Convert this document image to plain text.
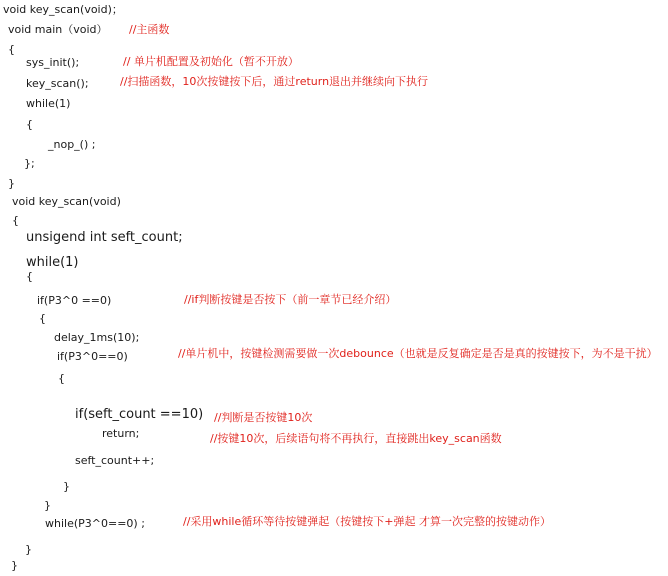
void key_scan(void)；
void main（void） //主函数
{
sys_init();	// 单片机配置及初始化（暂不开放）
key_scan();	//扫描函数，10次按键按下后，通过return退出并继续向下执行
while(1)
{
_nop_() ;
};
}
void key_scan(void)
{
unsigend int seft_count;
while(1)
{
if(P3^0 ==0)	//if判断按键是否按下（前一章节已经介绍）
{
delay_1ms(10);
if(P3^0==0)	//单片机中，按键检测需要做一次debounce（也就是反复确定是否是真的按键按下，为不是干扰）
{
if(seft_count ==10) //判断是否按键10次
return;	//按键10次，后续语句将不再执行，直接跳出key_scan函数
seft_count++;
}
}
while(P3^0==0) ;	//采用while循环等待按键弹起（按键按下+弹起 才算一次完整的按键动作）
}
}
